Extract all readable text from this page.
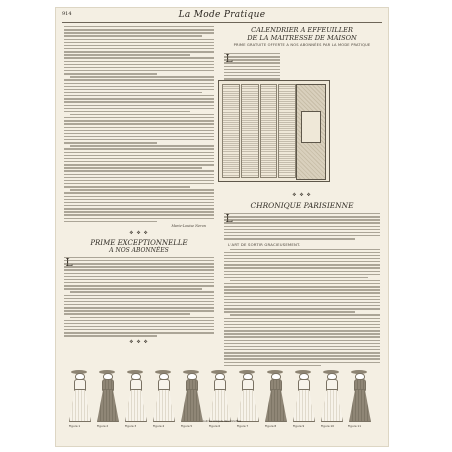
914	La Mode Pratique
Marie-Louise Neron
✥ ✥ ✥
PRIME EXCEPTIONNELLE
A NOS ABONNÉES
✥ ✥ ✥
CALENDRIER A EFFEUILLER
DE LA MAITRESSE DE MAISON
PRIME GRATUITE OFFERTE A NOS ABONNÉES PAR LA MODE PRATIQUE
✥ ✥ ✥
CHRONIQUE PARISIENNE
L'ART DE SORTIR GRACIEUSEMENT.
Autres croquis des toilettes
Figure 1	Figure 2	Figure 3	Figure 4	Figure 5	Figure 6	Figure 7	Figure 8	Figure 9	Figure 10	Figure 11
